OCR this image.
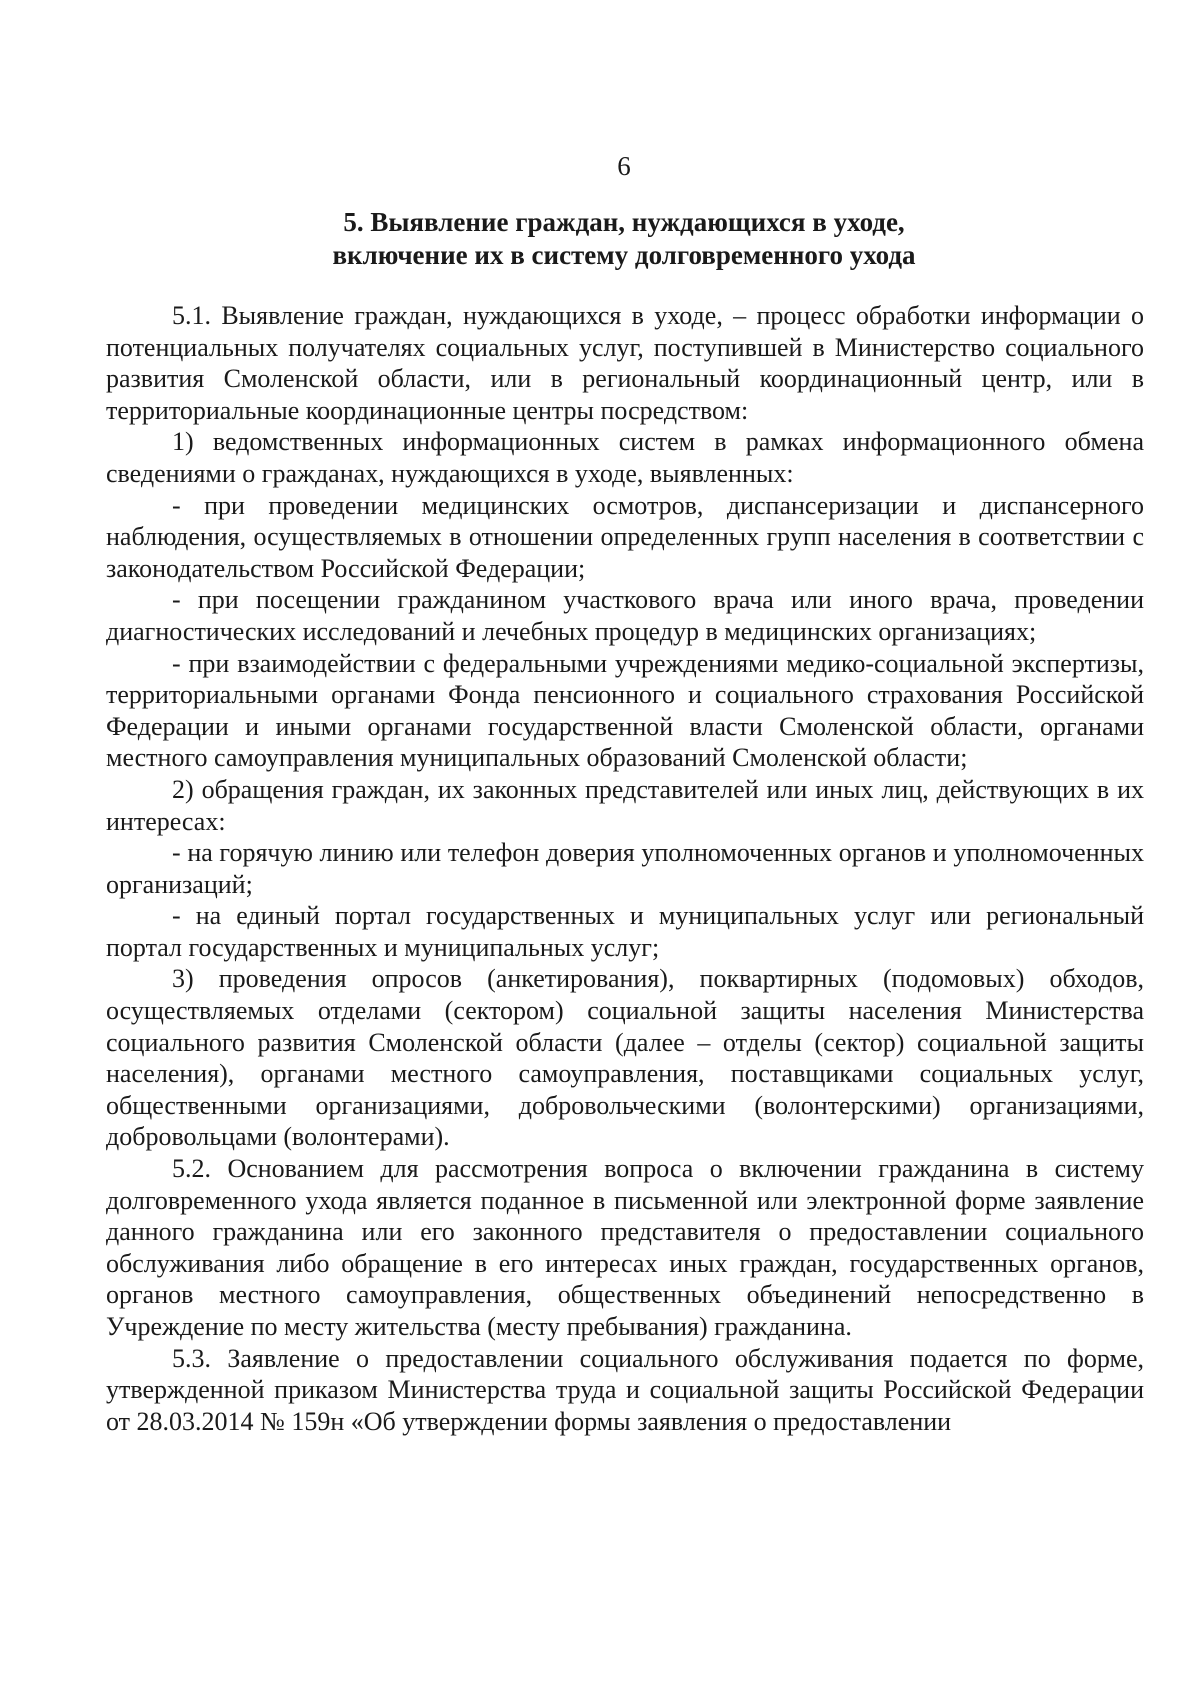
6
5. Выявление граждан, нуждающихся в уходе,
включение их в систему долговременного ухода

5.1. Выявление граждан, нуждающихся в уходе, – процесс обработки информации о потенциальных получателях социальных услуг, поступившей в Министерство социального развития Смоленской области, или в региональный координационный центр, или в территориальные координационные центры посредством:

1) ведомственных информационных систем в рамках информационного обмена сведениями о гражданах, нуждающихся в уходе, выявленных:

- при проведении медицинских осмотров, диспансеризации и диспансерного наблюдения, осуществляемых в отношении определенных групп населения в соответствии с законодательством Российской Федерации;

- при посещении гражданином участкового врача или иного врача, проведении диагностических исследований и лечебных процедур в медицинских организациях;

- при взаимодействии с федеральными учреждениями медико-социальной экспертизы, территориальными органами Фонда пенсионного и социального страхования Российской Федерации и иными органами государственной власти Смоленской области, органами местного самоуправления муниципальных образований Смоленской области;

2) обращения граждан, их законных представителей или иных лиц, действующих в их интересах:

- на горячую линию или телефон доверия уполномоченных органов и уполномоченных организаций;

- на единый портал государственных и муниципальных услуг или региональный портал государственных и муниципальных услуг;

3) проведения опросов (анкетирования), поквартирных (подомовых) обходов, осуществляемых отделами (сектором) социальной защиты населения Министерства социального развития Смоленской области (далее – отделы (сектор) социальной защиты населения), органами местного самоуправления, поставщиками социальных услуг, общественными организациями, добровольческими (волонтерскими) организациями, добровольцами (волонтерами).

5.2. Основанием для рассмотрения вопроса о включении гражданина в систему долговременного ухода является поданное в письменной или электронной форме заявление данного гражданина или его законного представителя о предоставлении социального обслуживания либо обращение в его интересах иных граждан, государственных органов, органов местного самоуправления, общественных объединений непосредственно в Учреждение по месту жительства (месту пребывания) гражданина.

5.3. Заявление о предоставлении социального обслуживания подается по форме, утвержденной приказом Министерства труда и социальной защиты Российской Федерации от 28.03.2014 № 159н «Об утверждении формы заявления о предоставлении
